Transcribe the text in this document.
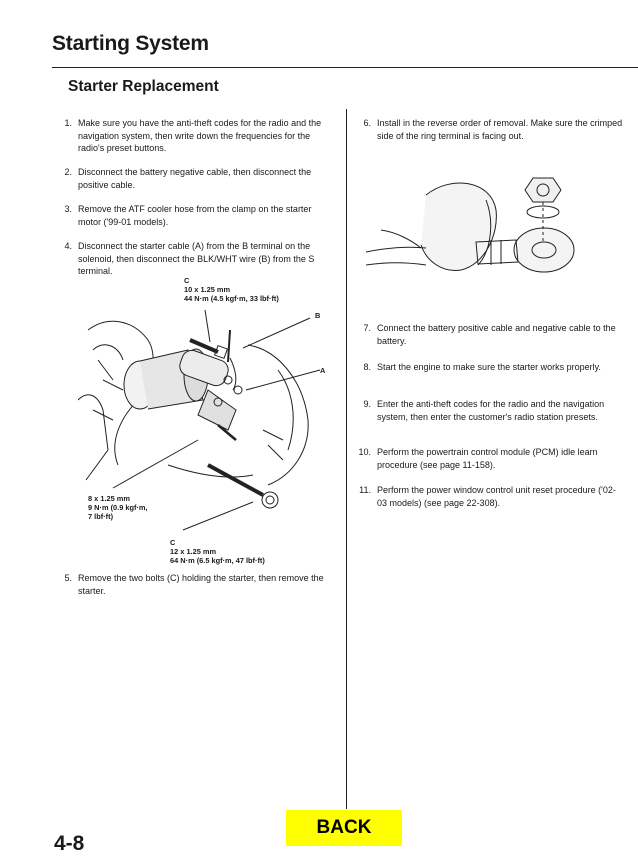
Starting System
Starter Replacement
1. Make sure you have the anti-theft codes for the radio and the navigation system, then write down the frequencies for the radio's preset buttons.
2. Disconnect the battery negative cable, then disconnect the positive cable.
3. Remove the ATF cooler hose from the clamp on the starter motor ('99-01 models).
4. Disconnect the starter cable (A) from the B terminal on the solenoid, then disconnect the BLK/WHT wire (B) from the S terminal.
5. Remove the two bolts (C) holding the starter, then remove the starter.
C
10 x 1.25 mm
44 N·m (4.5 kgf·m, 33 lbf·ft)
B
A
8 x 1.25 mm
9 N·m (0.9 kgf·m,
7 lbf·ft)
C
12 x 1.25 mm
64 N·m (6.5 kgf·m, 47 lbf·ft)
6. Install in the reverse order of removal. Make sure the crimped side of the ring terminal is facing out.
7. Connect the battery positive cable and negative cable to the battery.
8. Start the engine to make sure the starter works properly.
9. Enter the anti-theft codes for the radio and the navigation system, then enter the customer's radio station presets.
10. Perform the powertrain control module (PCM) idle learn procedure (see page 11-158).
11. Perform the power window control unit reset procedure ('02-03 models) (see page 22-308).
4-8
BACK
